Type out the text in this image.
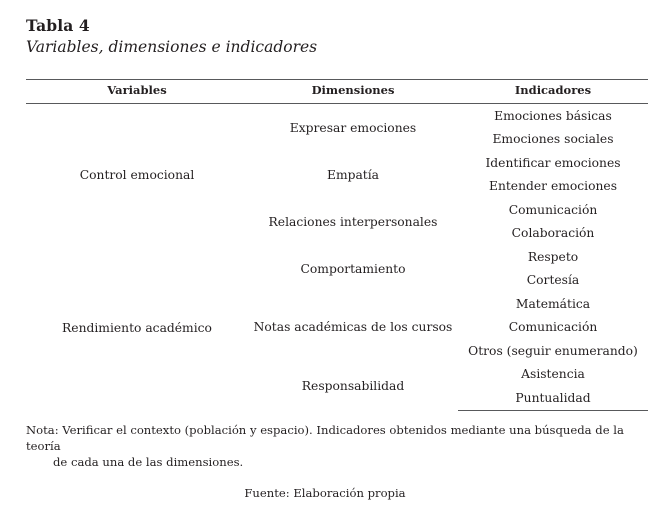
Tabla 4
Variables, dimensiones e indicadores
Variables	Dimensiones	Indicadores
Control emocional	Expresar emociones	Emociones básicas
		Emociones sociales
	Empatía	Identificar emociones
		Entender emociones
	Relaciones interpersonales	Comunicación
		Colaboración
Rendimiento académico	Comportamiento	Respeto
		Cortesía
	Notas académicas de los cursos	Matemática
		Comunicación
		Otros (seguir enumerando)
	Responsabilidad	Asistencia
		Puntualidad
Nota: Verificar el contexto (población y espacio). Indicadores obtenidos mediante una búsqueda de la teoría
de cada una de las dimensiones.
Fuente: Elaboración propia
